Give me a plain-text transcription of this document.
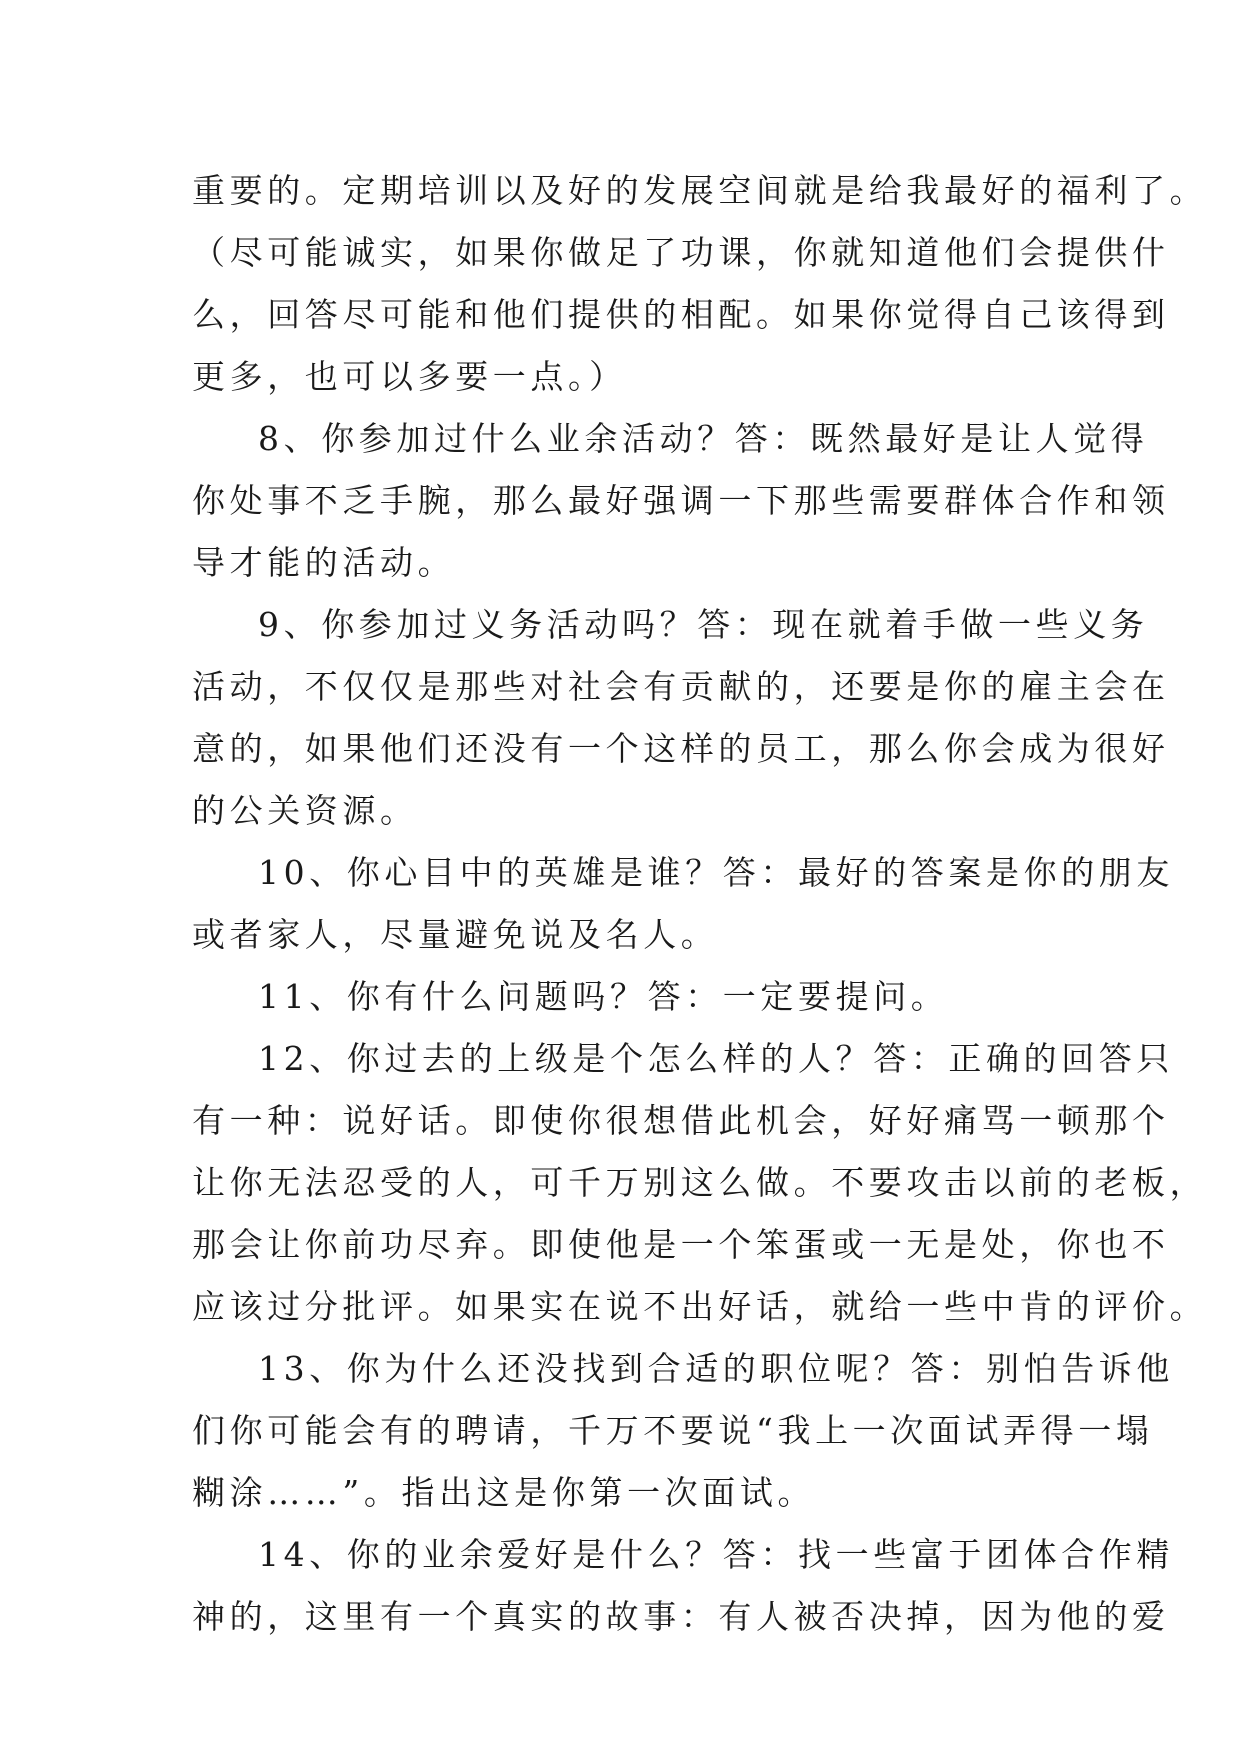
重要的。定期培训以及好的发展空间就是给我最好的福利了。
（尽可能诚实，如果你做足了功课，你就知道他们会提供什
么，回答尽可能和他们提供的相配。如果你觉得自己该得到
更多，也可以多要一点。）
8、你参加过什么业余活动？答：既然最好是让人觉得
你处事不乏手腕，那么最好强调一下那些需要群体合作和领
导才能的活动。
9、你参加过义务活动吗？答：现在就着手做一些义务
活动，不仅仅是那些对社会有贡献的，还要是你的雇主会在
意的，如果他们还没有一个这样的员工，那么你会成为很好
的公关资源。
10、你心目中的英雄是谁？答：最好的答案是你的朋友
或者家人，尽量避免说及名人。
11、你有什么问题吗？答：一定要提问。
12、你过去的上级是个怎么样的人？答：正确的回答只
有一种：说好话。即使你很想借此机会，好好痛骂一顿那个
让你无法忍受的人，可千万别这么做。不要攻击以前的老板，
那会让你前功尽弃。即使他是一个笨蛋或一无是处，你也不
应该过分批评。如果实在说不出好话，就给一些中肯的评价。
13、你为什么还没找到合适的职位呢？答：别怕告诉他
们你可能会有的聘请，千万不要说“我上一次面试弄得一塌
糊涂……”。指出这是你第一次面试。
14、你的业余爱好是什么？答：找一些富于团体合作精
神的，这里有一个真实的故事：有人被否决掉，因为他的爱
